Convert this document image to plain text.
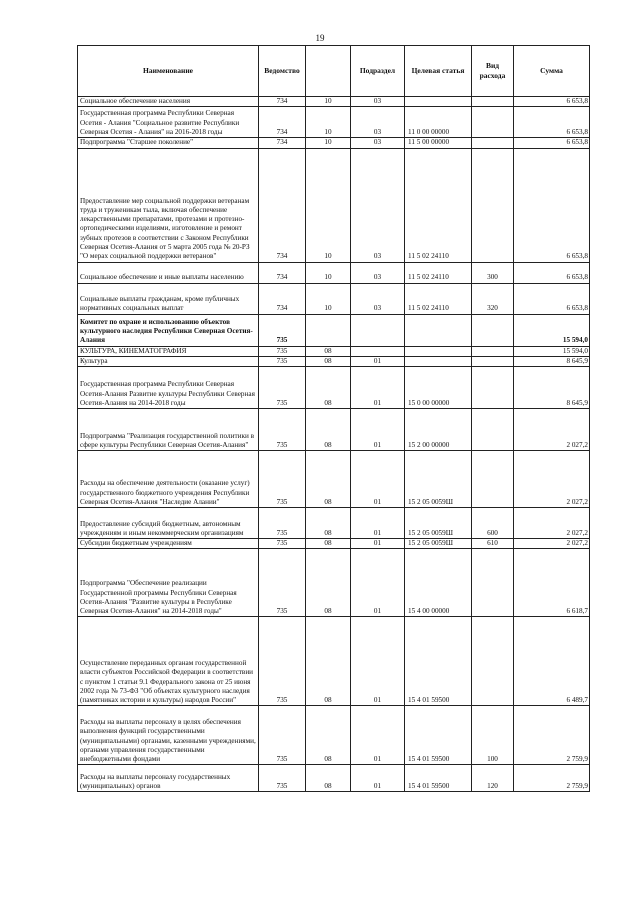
19
Наименование	Ведомство		Подраздел	Целевая статья	Вид расхода	Сумма
Социальное обеспечение населения	734	10	03			6 653,8
Государственная программа Республики Северная Осетия - Алания "Социальное развитие Республики Северная Осетия - Алания" на 2016-2018 годы	734	10	03	11 0 00 00000		6 653,8
Подпрограмма "Старшее поколение"	734	10	03	11 5 00 00000		6 653,8
Предоставление мер социальной поддержки ветеранам труда и труженикам тыла, включая обеспечение лекарственными препаратами, протезами и протезно-ортопедическими изделиями, изготовление и ремонт зубных протезов в соответствии с Законом Республики Северная Осетия-Алания от 5 марта 2005 года № 20-РЗ "О мерах социальной поддержки ветеранов"	734	10	03	11 5 02 24110		6 653,8
Социальное обеспечение и иные выплаты населению	734	10	03	11 5 02 24110	300	6 653,8
Социальные выплаты гражданам, кроме публичных нормативных социальных выплат	734	10	03	11 5 02 24110	320	6 653,8
Комитет по охране и использованию объектов культурного наследия Республики Северная Осетия-Алания	735					15 594,0
КУЛЬТУРА, КИНЕМАТОГРАФИЯ	735	08				15 594,0
Культура	735	08	01			8 645,9
Государственная программа Республики Северная Осетия-Алания Развитие культуры Республики Северная Осетия-Алания на 2014-2018 годы	735	08	01	15 0 00 00000		8 645,9
Подпрограмма "Реализация государственной политики в сфере культуры Республики Северная Осетия-Алания"	735	08	01	15 2 00 00000		2 027,2
Расходы на обеспечение деятельности (оказание услуг) государственного бюджетного учреждения Республики Северная Осетия-Алания "Наследие Алании"	735	08	01	15 2 05 0059Ш		2 027,2
Предоставление субсидий бюджетным, автономным учреждениям и иным некоммерческим организациям	735	08	01	15 2 05 0059Ш	600	2 027,2
Субсидии бюджетным учреждениям	735	08	01	15 2 05 0059Ш	610	2 027,2
Подпрограмма "Обеспечение реализации Государственной программы Республики Северная Осетия-Алания "Развитие культуры в Республике Северная Осетия-Алания" на 2014-2018 годы"	735	08	01	15 4 00 00000		6 618,7
Осуществление переданных органам государственной власти субъектов Российской Федерации в соответствии с пунктом 1 статьи 9.1 Федерального закона от 25 июня 2002 года № 73-ФЗ "Об объектах культурного наследия (памятниках истории и культуры) народов России"	735	08	01	15 4 01 59500		6 489,7
Расходы на выплаты персоналу в целях обеспечения выполнения функций государственными (муниципальными) органами, казенными учреждениями, органами управления государственными внебюджетными фондами	735	08	01	15 4 01 59500	100	2 759,9
Расходы на выплаты персоналу государственных (муниципальных) органов	735	08	01	15 4 01 59500	120	2 759,9
